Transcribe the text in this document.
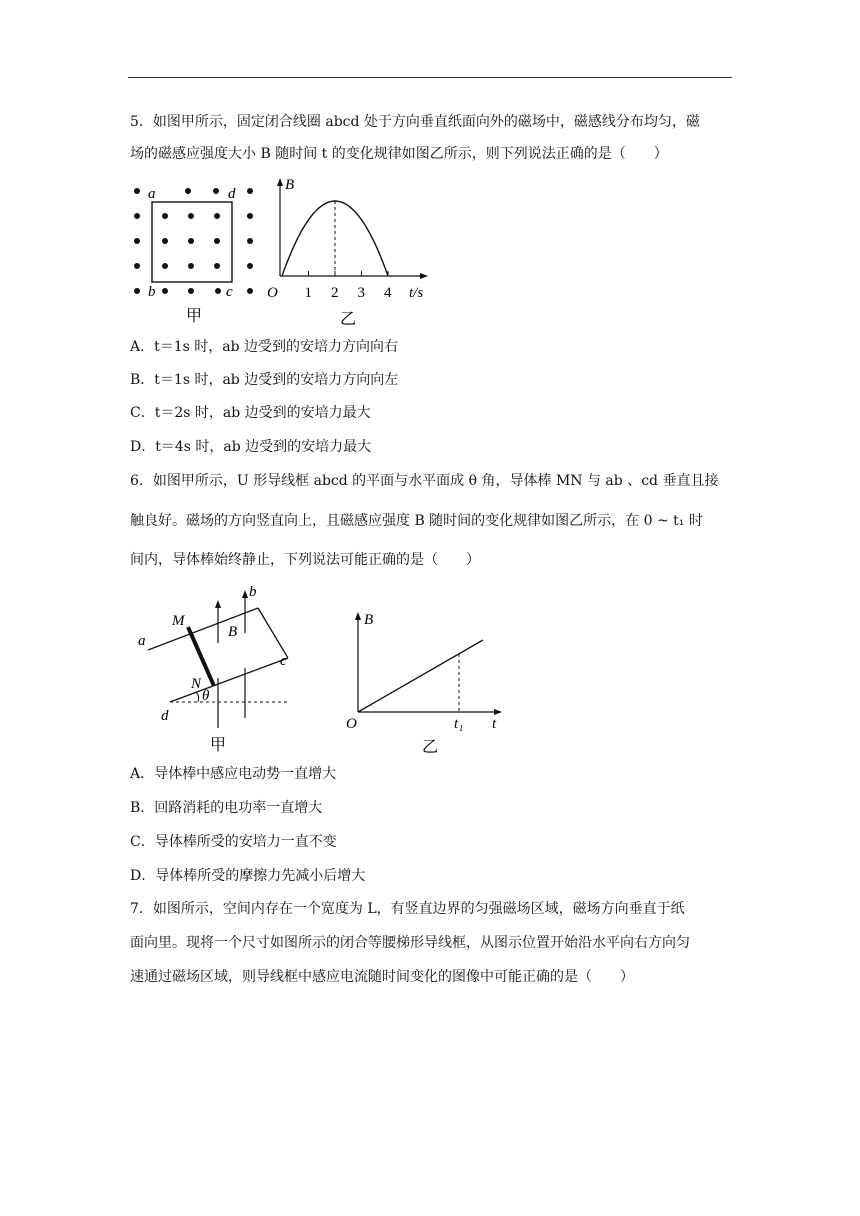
5．如图甲所示，固定闭合线圈 abcd 处于方向垂直纸面向外的磁场中，磁感线分布均匀，磁
场的磁感应强度大小 B 随时间 t 的变化规律如图乙所示，则下列说法正确的是（　　）
a	d
b	c
甲
B
O 1 2 3 4 t/s
乙
A．t＝1s 时，ab 边受到的安培力方向向右
B．t＝1s 时，ab 边受到的安培力方向向左
C．t＝2s 时，ab 边受到的安培力最大
D．t＝4s 时，ab 边受到的安培力最大
6．如图甲所示，U 形导线框 abcd 的平面与水平面成 θ 角，导体棒 MN 与 ab 、cd 垂直且接
触良好。磁场的方向竖直向上，且磁感应强度 B 随时间的变化规律如图乙所示，在 0 ~ t₁ 时
间内，导体棒始终静止，下列说法可能正确的是（　　）
M
b
a
B
c
N
θ
d
甲
B
O	t₁ t
乙
A．导体棒中感应电动势一直增大
B．回路消耗的电功率一直增大
C．导体棒所受的安培力一直不变
D．导体棒所受的摩擦力先减小后增大
7．如图所示，空间内存在一个宽度为 L，有竖直边界的匀强磁场区域，磁场方向垂直于纸
面向里。现将一个尺寸如图所示的闭合等腰梯形导线框，从图示位置开始沿水平向右方向匀
速通过磁场区域，则导线框中感应电流随时间变化的图像中可能正确的是（　　）
